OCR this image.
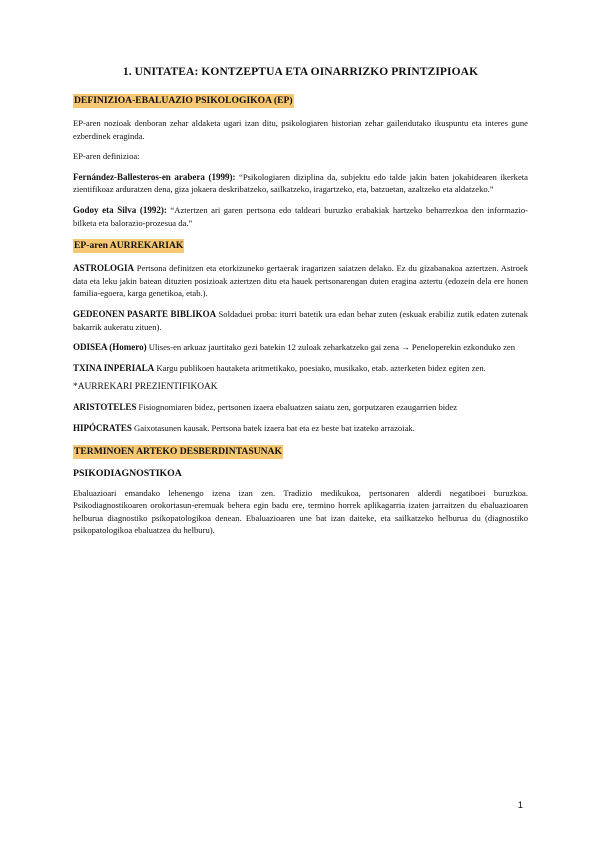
1. UNITATEA: KONTZEPTUA ETA OINARRIZKO PRINTZIPIOAK
DEFINIZIOA-EBALUAZIO PSIKOLOGIKOA (EP)

EP-aren nozioak denboran zehar aldaketa ugari izan ditu, psikologiaren historian zehar gailendutako ikuspuntu eta interes gune ezberdinek eraginda.

EP-aren definizioa:

Fernández-Ballesteros-en arabera (1999): “Psikologiaren diziplina da, subjektu edo talde jakin baten jokabidearen ikerketa zientifikoaz arduratzen dena, giza jokaera deskribatzeko, sailkatzeko, iragartzeko, eta, batzuetan, azaltzeko eta aldatzeko.”

Godoy eta Silva (1992): “Aztertzen ari garen pertsona edo taldeari buruzko erabakiak hartzeko beharrezkoa den informazio-bilketa eta balorazio-prozesua da.”

EP-aren AURREKARIAK

ASTROLOGIA Pertsona definitzen eta etorkizuneko gertaerak iragartzen saiatzen delako. Ez du gizabanakoa aztertzen. Astroek data eta leku jakin batean dituzten posizioak aztertzen ditu eta hauek pertsonarengan duten eragina aztertu (edozein dela ere honen familia-egoera, karga genetikoa, etab.).

GEDEONEN PASARTE BIBLIKOA Soldaduei proba: iturri batetik ura edan behar zuten (eskuak erabiliz zutik edaten zutenak bakarrik aukeratu zituen).

ODISEA (Homero) Ulises-en arkuaz jaurtitako gezi batekin 12 zuloak zeharkatzeko gai zena → Peneloperekin ezkonduko zen

TXINA INPERIALA Kargu publikoen hautaketa aritmetikako, poesiako, musikako, etab. azterketen bidez egiten zen.

*AURREKARI PREZIENTIFIKOAK

ARISTOTELES Fisiognomiaren bidez, pertsonen izaera ebaluatzen saiatu zen, gorputzaren ezaugarrien bidez

HIPÓCRATES Gaixotasunen kausak. Pertsona batek izaera bat eta ez beste bat izateko arrazoiak.

TERMINOEN ARTEKO DESBERDINTASUNAK
PSIKODIAGNOSTIKOA

Ebaluazioari emandako lehenengo izena izan zen. Tradizio medikukoa, pertsonaren alderdi negatiboei buruzkoa. Psikodiagnostikoaren orokortasun-eremuak behera egin badu ere, termino horrek aplikagarria izaten jarraitzen du ebaluazioaren helburua diagnostiko psikopatologikoa denean. Ebaluazioaren une bat izan daiteke, eta sailkatzeko helburua du (diagnostiko psikopatologikoa ebaluatzea du helburu).

1
